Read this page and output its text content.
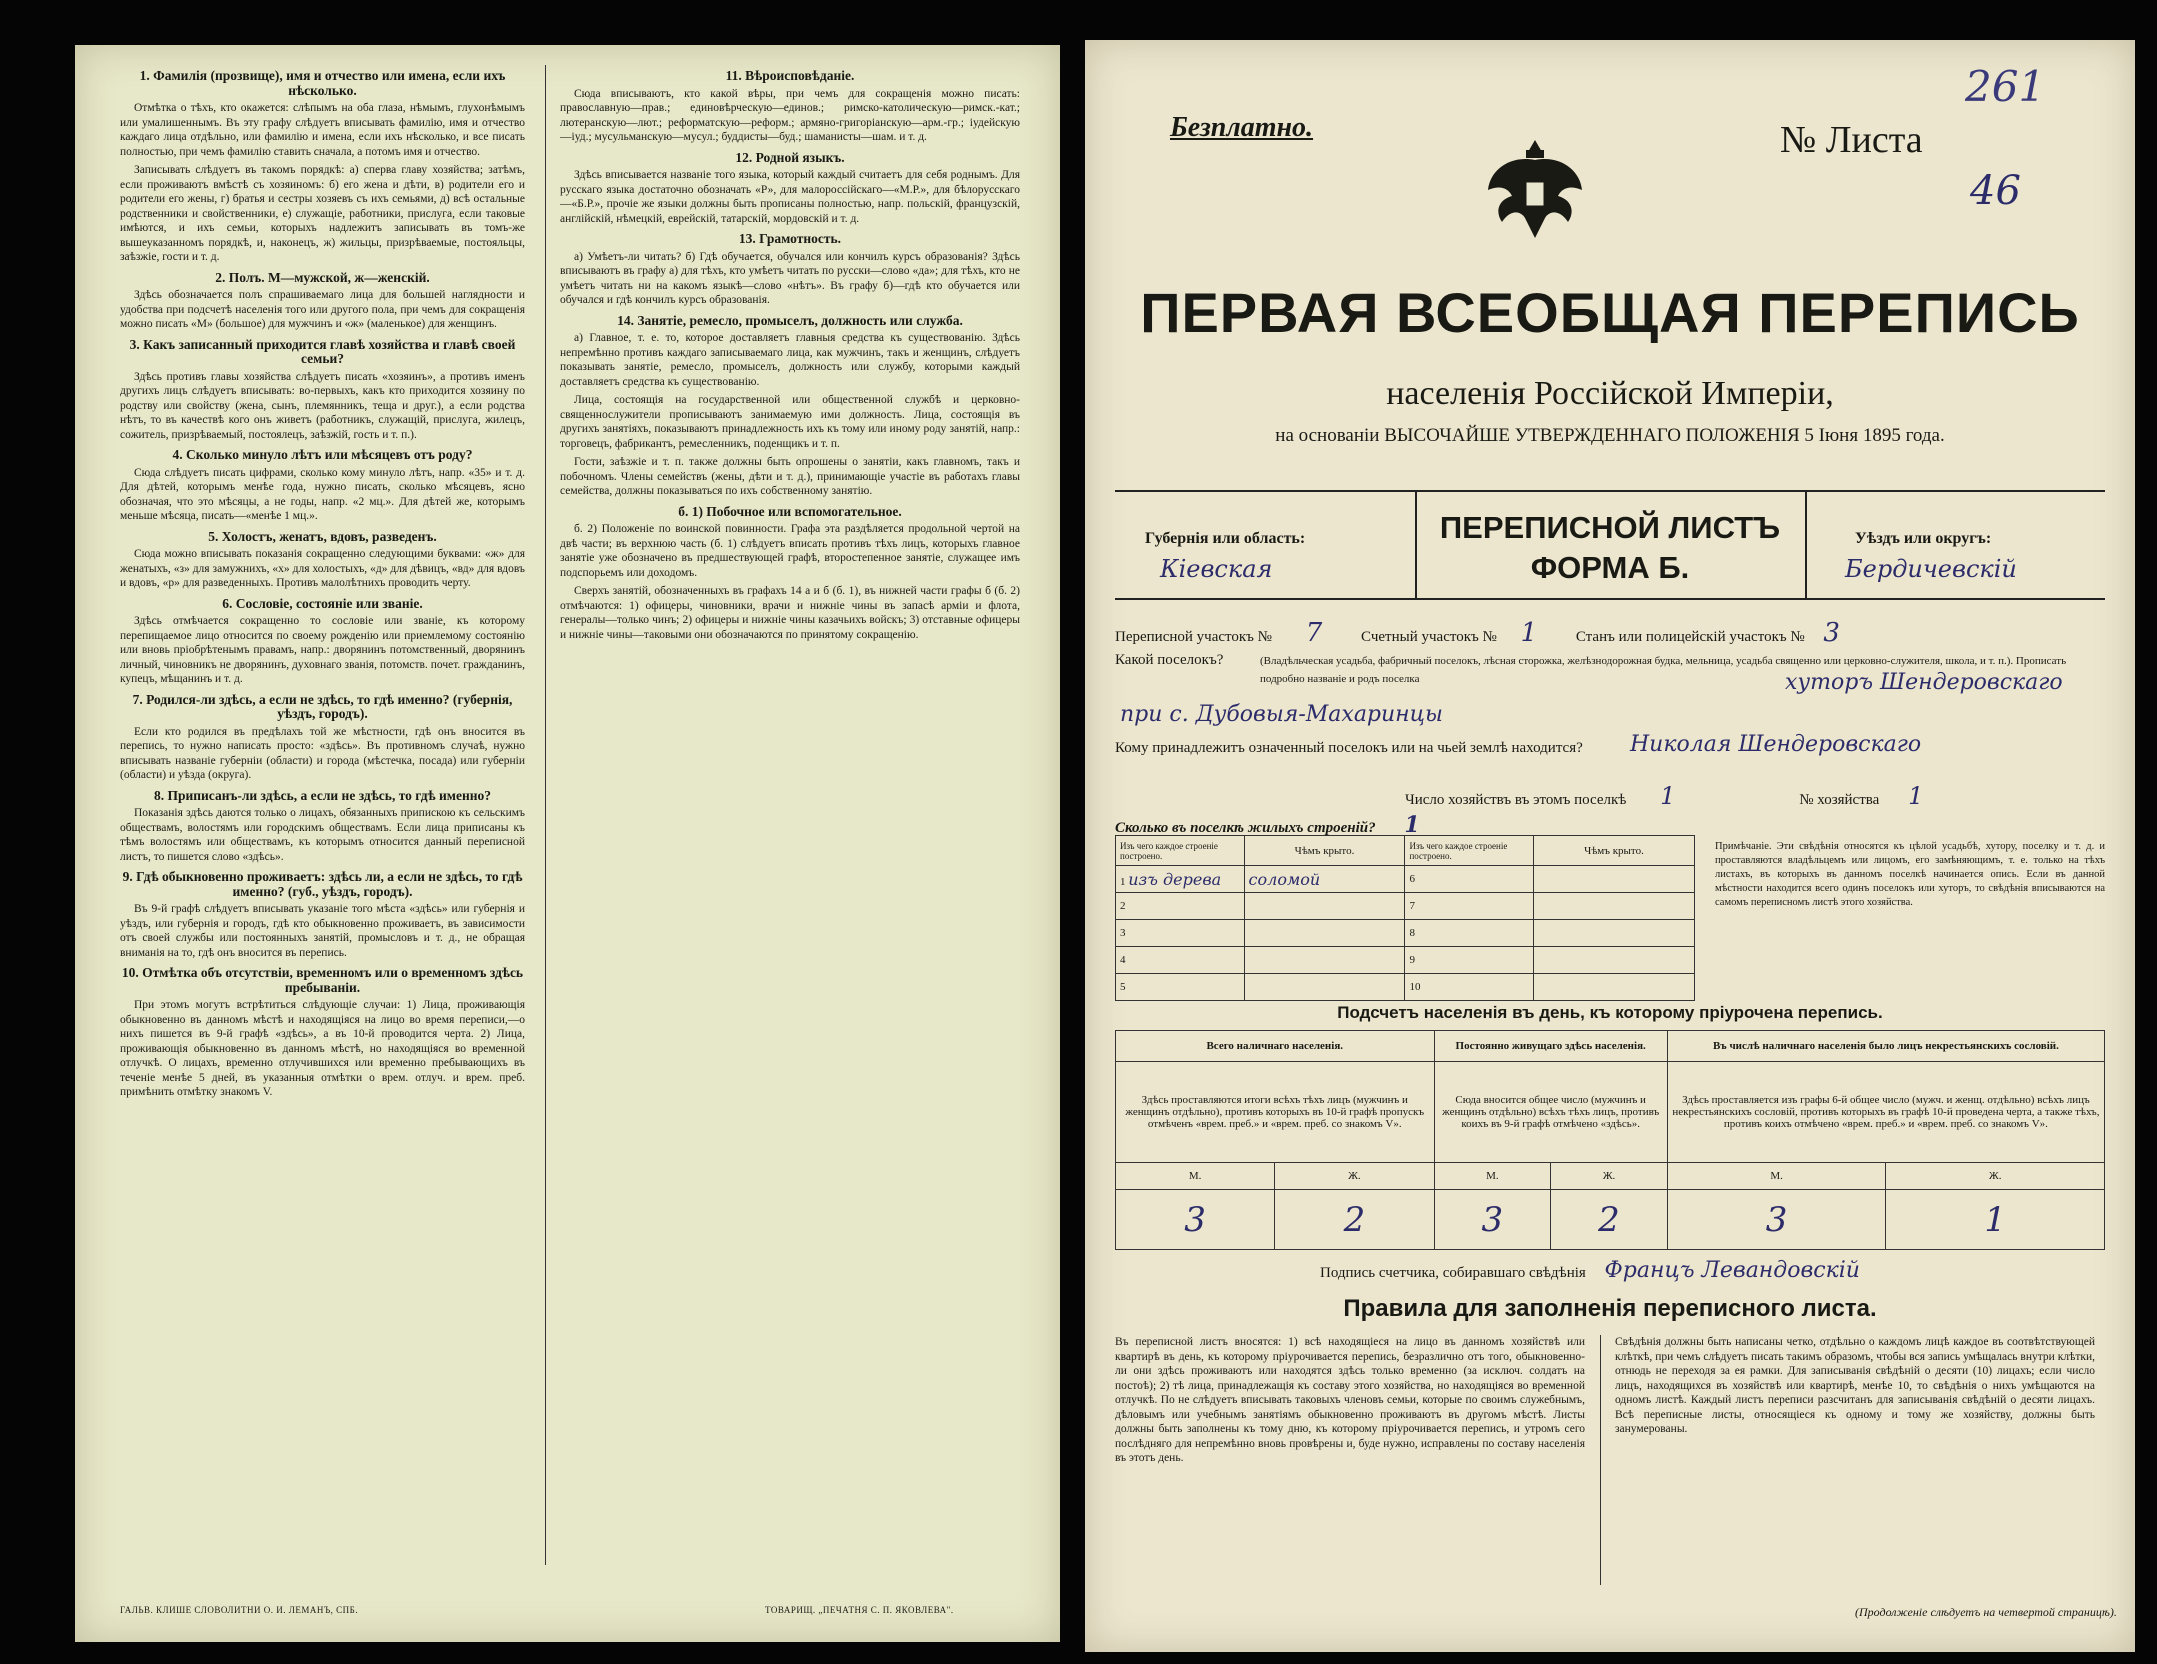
1. Фамилія (прозвище), имя и отчество или имена, если ихъ нѣсколько.

Отмѣтка о тѣхъ, кто окажется: слѣпымъ на оба глаза, нѣмымъ, глухонѣмымъ или умалишеннымъ. Въ эту графу слѣдуетъ вписывать фамилію, имя и отчество каждаго лица отдѣльно, или фамилію и имена, если ихъ нѣсколько, и все писать полностью, при чемъ фамилію ставить сначала, а потомъ имя и отчество.

Записывать слѣдуетъ въ такомъ порядкѣ: а) сперва главу хозяйства; затѣмъ, если проживаютъ вмѣстѣ съ хозяиномъ: б) его жена и дѣти, в) родители его и родители его жены, г) братья и сестры хозяевъ съ ихъ семьями, д) всѣ остальные родственники и свойственники, е) служащіе, работники, прислуга, если таковые имѣются, и ихъ семьи, которыхъ надлежитъ записывать въ томъ-же вышеуказанномъ порядкѣ, и, наконецъ, ж) жильцы, призрѣваемые, постояльцы, заѣзжіе, гости и т. д.

2. Полъ. М—мужской, ж—женскій.

Здѣсь обозначается полъ спрашиваемаго лица для большей наглядности и удобства при подсчетѣ населенія того или другого пола, при чемъ для сокращенія можно писать «М» (большое) для мужчинъ и «ж» (маленькое) для женщинъ.

3. Какъ записанный приходится главѣ хозяйства и главѣ своей семьи?

Здѣсь противъ главы хозяйства слѣдуетъ писать «хозяинъ», а противъ именъ другихъ лицъ слѣдуетъ вписывать: во-первыхъ, какъ кто приходится хозяину по родству или свойству (жена, сынъ, племянникъ, теща и друг.), а если родства нѣтъ, то въ качествѣ кого онъ живетъ (работникъ, служащій, прислуга, жилецъ, сожитель, призрѣваемый, постоялецъ, заѣзжій, гость и т. п.).

4. Сколько минуло лѣтъ или мѣсяцевъ отъ роду?

Сюда слѣдуетъ писать цифрами, сколько кому минуло лѣтъ, напр. «35» и т. д. Для дѣтей, которымъ менѣе года, нужно писать, сколько мѣсяцевъ, ясно обозначая, что это мѣсяцы, а не годы, напр. «2 мц.». Для дѣтей же, которымъ меньше мѣсяца, писать—«менѣе 1 мц.».

5. Холостъ, женатъ, вдовъ, разведенъ.

Сюда можно вписывать показанія сокращенно следующими буквами: «ж» для женатыхъ, «з» для замужнихъ, «х» для холостыхъ, «д» для дѣвицъ, «вд» для вдовъ и вдовъ, «р» для разведенныхъ. Противъ малолѣтнихъ проводить черту.

6. Сословіе, состояніе или званіе.

Здѣсь отмѣчается сокращенно то сословіе или званіе, къ которому перепищаемое лицо относится по своему рожденію или приемлемому состоянію или вновь пріобрѣтенымъ правамъ, напр.: дворянинъ потомственный, дворянинъ личный, чиновникъ не дворянинъ, духовнаго званія, потомств. почет. гражданинъ, купецъ, мѣщанинъ и т. д.

7. Родился-ли здѣсь, а если не здѣсь, то гдѣ именно? (губернія, уѣздъ, городъ).

Если кто родился въ предѣлахъ той же мѣстности, гдѣ онъ вносится въ перепись, то нужно написать просто: «здѣсь». Въ противномъ случаѣ, нужно вписывать названіе губерніи (области) и города (мѣстечка, посада) или губерніи (области) и уѣзда (округа).

8. Приписанъ-ли здѣсь, а если не здѣсь, то гдѣ именно?

Показанія здѣсь даются только о лицахъ, обязанныхъ припискою къ сельскимъ обществамъ, волостямъ или городскимъ обществамъ. Если лица приписаны къ тѣмъ волостямъ или обществамъ, къ которымъ относится данный переписной листъ, то пишется слово «здѣсь».

9. Гдѣ обыкновенно проживаетъ: здѣсь ли, а если не здѣсь, то гдѣ именно? (губ., уѣздъ, городъ).

Въ 9-й графѣ слѣдуетъ вписывать указаніе того мѣста «здѣсь» или губернія и уѣздъ, или губернія и городъ, гдѣ кто обыкновенно проживаетъ, въ зависимости отъ своей службы или постоянныхъ занятій, промысловъ и т. д., не обращая вниманія на то, гдѣ онъ вносится въ перепись.

10. Отмѣтка объ отсутствіи, временномъ или о временномъ здѣсь пребываніи.

При этомъ могутъ встрѣтиться слѣдующіе случаи: 1) Лица, проживающія обыкновенно въ данномъ мѣстѣ и находящіяся на лицо во время переписи,—о нихъ пишется въ 9-й графѣ «здѣсь», а въ 10-й проводится черта. 2) Лица, проживающія обыкновенно въ данномъ мѣстѣ, но находящіяся во временной отлучкѣ. О лицахъ, временно отлучившихся или временно пребывающихъ въ теченіе менѣе 5 дней, въ указанныя отмѣтки о врем. отлуч. и врем. преб. примѣнить отмѣтку знакомъ V.

11. Вѣроисповѣданіе.

Сюда вписываютъ, кто какой вѣры, при чемъ для сокращенія можно писать: православную—прав.; единовѣрческую—единов.; римско-католическую—римск.-кат.; лютеранскую—лют.; реформатскую—реформ.; армяно-григоріанскую—арм.-гр.; іудейскую—іуд.; мусульманскую—мусул.; буддисты—буд.; шаманисты—шам. и т. д.

12. Родной языкъ.

Здѣсь вписывается названіе того языка, который каждый считаетъ для себя роднымъ. Для русскаго языка достаточно обозначать «Р», для малороссійскаго—«М.Р.», для бѣлорусскаго—«Б.Р.», прочіе же языки должны быть прописаны полностью, напр. польскій, французскій, англійскій, нѣмецкій, еврейскій, татарскій, мордовскій и т. д.

13. Грамотность.

а) Умѣетъ-ли читать? б) Гдѣ обучается, обучался или кончилъ курсъ образованія? Здѣсь вписываютъ въ графу а) для тѣхъ, кто умѣетъ читать по русски—слово «да»; для тѣхъ, кто не умѣетъ читать ни на какомъ языкѣ—слово «нѣтъ». Въ графу б)—гдѣ кто обучается или обучался и гдѣ кончилъ курсъ образованія.

14. Занятіе, ремесло, промыселъ, должность или служба.

а) Главное, т. е. то, которое доставляетъ главныя средства къ существованію. Здѣсь непремѣнно противъ каждаго записываемаго лица, как мужчинъ, такъ и женщинъ, слѣдуетъ показывать занятіе, ремесло, промыселъ, должность или службу, которыми каждый доставляетъ средства къ существованію.

Лица, состоящія на государственной или общественной службѣ и церковно-священнослужители прописываютъ занимаемую ими должность. Лица, состоящія въ другихъ занятіяхъ, показываютъ принадлежность ихъ къ тому или иному роду занятій, напр.: торговецъ, фабрикантъ, ремесленникъ, поденщикъ и т. п.

Гости, заѣзжіе и т. п. также должны быть опрошены о занятіи, какъ главномъ, такъ и побочномъ. Члены семействъ (жены, дѣти и т. д.), принимающіе участіе въ работахъ главы семейства, должны показываться по ихъ собственному занятію.

б. 1) Побочное или вспомогательное.

б. 2) Положеніе по воинской повинности. Графа эта раздѣляется продольной чертой на двѣ части; въ верхнюю часть (б. 1) слѣдуетъ вписать противъ тѣхъ лицъ, которыхъ главное занятіе уже обозначено въ предшествующей графѣ, второстепенное занятіе, служащее имъ подспорьемъ или доходомъ.

Сверхъ занятій, обозначенныхъ въ графахъ 14 а и б (б. 1), въ нижней части графы б (б. 2) отмѣчаются: 1) офицеры, чиновники, врачи и нижніе чины въ запасѣ арміи и флота, генералы—только чинъ; 2) офицеры и нижніе чины казачьихъ войскъ; 3) отставные офицеры и нижніе чины—таковыми они обозначаются по принятому сокращенію.

ГАЛЬВ. КЛИШЕ СЛОВОЛИТНИ О. И. ЛЕМАНЪ, СПБ.	ТОВАРИЩ. „ПЕЧАТНЯ С. П. ЯКОВЛЕВА".
261
Безплатно.	№ Листа
46
ПЕРВАЯ ВСЕОБЩАЯ ПЕРЕПИСЬ
населенія Россійской Имперіи,
на основаніи ВЫСОЧАЙШЕ УТВЕРЖДЕННАГО ПОЛОЖЕНІЯ 5 Іюня 1895 года.
Губернія или область:
Кіевская
ПЕРЕПИСНОЙ ЛИСТЪ
ФОРМА Б.
Уѣздъ или округъ:
Бердичевскій
Переписной участокъ № 7	Счетный участокъ № 1	Станъ или полицейскій участокъ № 3
Какой поселокъ?	(Владѣльческая усадьба, фабричный поселокъ, лѣсная сторожка, желѣзнодорожная будка, мельница, усадьба священно или церковно-служителя, школа, и т. п.). Прописать подробно названіе и родъ поселка	хуторъ Шендеровскаго
при с. Дубовыя-Махаринцы
Кому принадлежитъ означенный поселокъ или на чьей землѣ находится? Николая Шендеровскаго
Число хозяйствъ въ этомъ поселкѣ 1	№ хозяйства 1
Сколько въ поселкѣ жилыхъ строеній? 1
Изъ чего каждое строеніе построено.	Чѣмъ крыто.	Изъ чего каждое строеніе построено.	Чѣмъ крыто.
1 изъ дерева	соломой	6	
2		7	
3		8	
4		9	
5		10	
Примѣчаніе. Эти свѣдѣнія относятся къ цѣлой усадьбѣ, хутору, поселку и т. д. и проставляются владѣльцемъ или лицомъ, его замѣняющимъ, т. е. только на тѣхъ листахъ, въ которыхъ въ данномъ поселкѣ начинается опись. Если въ данной мѣстности находится всего одинъ поселокъ или хуторъ, то свѣдѣнія вписываются на самомъ переписномъ листѣ этого хозяйства.
Подсчетъ населенія въ день, къ которому пріурочена перепись.
Всего наличнаго населенія.		Постоянно живущаго здѣсь населенія.		Въ числѣ наличнаго населенія было лицъ некрестьянскихъ сословій.	
Здѣсь проставляются итоги всѣхъ тѣхъ лицъ (мужчинъ и женщинъ отдѣльно), противъ которыхъ въ 10-й графѣ пропускъ отмѣченъ «врем. преб.» и «врем. преб. со знакомъ V».		Сюда вносится общее число (мужчинъ и женщинъ отдѣльно) всѣхъ тѣхъ лицъ, противъ коихъ въ 9-й графѣ отмѣчено «здѣсь».		Здѣсь проставляется изъ графы 6-й общее число (мужч. и женщ. отдѣльно) всѣхъ лицъ некрестьянскихъ сословій, противъ которыхъ въ графѣ 10-й проведена черта, а также тѣхъ, противъ коихъ отмѣчено «врем. преб.» и «врем. преб. со знакомъ V».	
М.	Ж.	М.	Ж.	М.	Ж.
3	2	3	2	3	1
Подпись счетчика, собиравшаго свѣдѣнія Францъ Левандовскій
Правила для заполненія переписного листа.
Въ переписной листъ вносятся: 1) всѣ находящіеся на лицо въ данномъ хозяйствѣ или квартирѣ въ день, къ которому пріурочивается перепись, безразлично отъ того, обыкновенно-ли они здѣсь проживаютъ или находятся здѣсь только временно (за исключ. солдатъ на постоѣ); 2) тѣ лица, принадлежащія къ составу этого хозяйства, но находящіяся во временной отлучкѣ. По не слѣдуетъ вписывать таковыхъ членовъ семьи, которые по своимъ служебнымъ, дѣловымъ или учебнымъ занятіямъ обыкновенно проживаютъ въ другомъ мѣстѣ. Листы должны быть заполнены къ тому дню, къ которому пріурочивается перепись, и утромъ сего послѣдняго для непремѣнно вновь провѣрены и, буде нужно, исправлены по составу населенія въ этотъ день.
Свѣдѣнія должны быть написаны четко, отдѣльно о каждомъ лицѣ каждое въ соотвѣтствующей клѣткѣ, при чемъ слѣдуетъ писать такимъ образомъ, чтобы вся запись умѣщалась внутри клѣтки, отнюдь не переходя за ея рамки. Для записыванія свѣдѣній о десяти (10) лицахъ; если число лицъ, находящихся въ хозяйствѣ или квартирѣ, менѣе 10, то свѣдѣнія о нихъ умѣщаются на одномъ листѣ. Каждый листъ переписи разсчитанъ для записыванія свѣдѣній о десяти лицахъ. Всѣ переписные листы, относящіеся къ одному и тому же хозяйству, должны быть занумерованы.
(Продолженіе слѣдуетъ на четвертой страницѣ).
